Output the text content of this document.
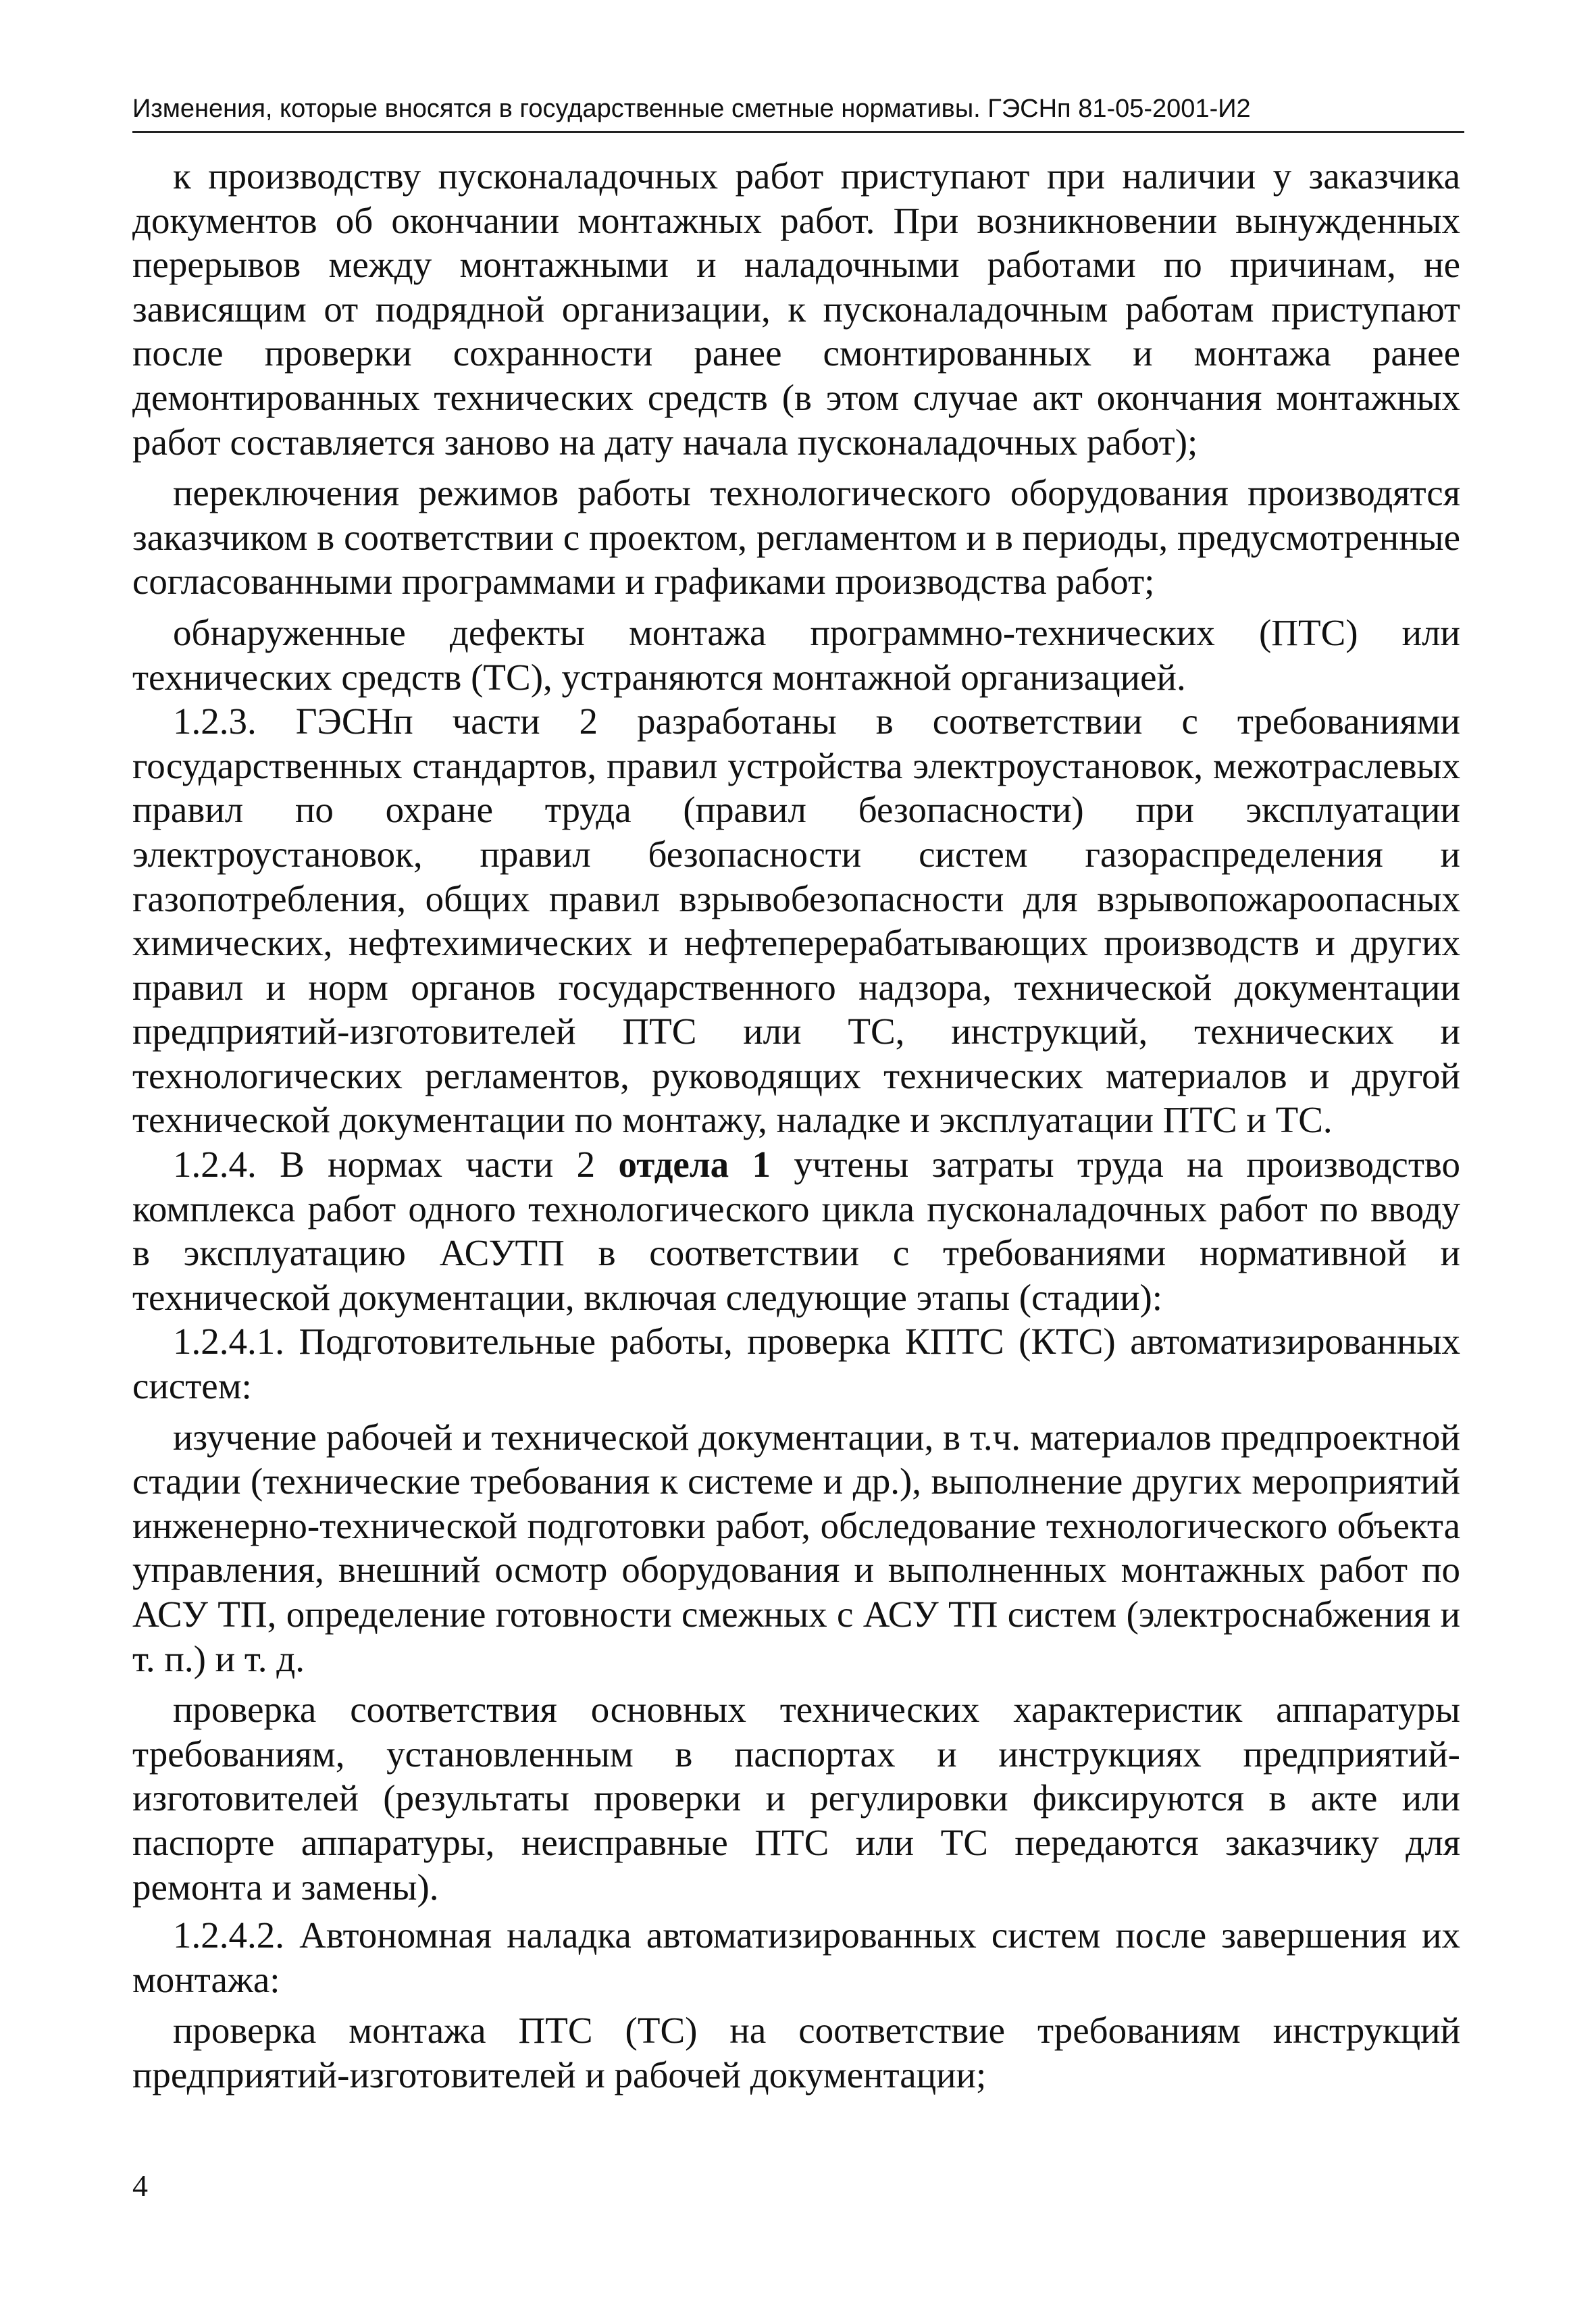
Изменения, которые вносятся в государственные сметные нормативы. ГЭСНп 81-05-2001-И2

к производству пусконаладочных работ приступают при наличии у заказчика документов об окончании монтажных работ. При возникновении вынужденных перерывов между монтажными и наладочными работами по причинам, не зависящим от подрядной организации, к пусконаладочным работам приступают после проверки сохранности ранее смонтированных и монтажа ранее демонтированных технических средств (в этом случае акт окончания монтажных работ составляется заново на дату начала пусконаладочных работ);

переключения режимов работы технологического оборудования производятся заказчиком в соответствии с проектом, регламентом и в периоды, предусмотренные согласованными программами и графиками производства работ;

обнаруженные дефекты монтажа программно-технических (ПТС) или технических средств (ТС), устраняются монтажной организацией.

1.2.3. ГЭСНп части 2 разработаны в соответствии с требованиями государственных стандартов, правил устройства электроустановок, межотраслевых правил по охране труда (правил безопасности) при эксплуатации электроустановок, правил безопасности систем газораспределения и газопотребления, общих правил взрывобезопасности для взрывопожароопасных химических, нефтехимических и нефтеперерабатывающих производств и других правил и норм органов государственного надзора, технической документации предприятий-изготовителей ПТС или ТС, инструкций, технических и технологических регламентов, руководящих технических материалов и другой технической документации по монтажу, наладке и эксплуатации ПТС и ТС.

1.2.4. В нормах части 2 отдела 1 учтены затраты труда на производство комплекса работ одного технологического цикла пусконаладочных работ по вводу в эксплуатацию АСУТП в соответствии с требованиями нормативной и технической документации, включая следующие этапы (стадии):

1.2.4.1. Подготовительные работы, проверка КПТС (КТС) автоматизированных систем:

изучение рабочей и технической документации, в т.ч. материалов предпроектной стадии (технические требования к системе и др.), выполнение других мероприятий инженерно-технической подготовки работ, обследование технологического объекта управления, внешний осмотр оборудования и выполненных монтажных работ по АСУ ТП, определение готовности смежных с АСУ ТП систем (электроснабжения и т. п.) и т. д.

проверка соответствия основных технических характеристик аппаратуры требованиям, установленным в паспортах и инструкциях предприятий-изготовителей (результаты проверки и регулировки фиксируются в акте или паспорте аппаратуры, неисправные ПТС или ТС передаются заказчику для ремонта и замены).

1.2.4.2. Автономная наладка автоматизированных систем после завершения их монтажа:

проверка монтажа ПТС (ТС) на соответствие требованиям инструкций предприятий-изготовителей и рабочей документации;

4
